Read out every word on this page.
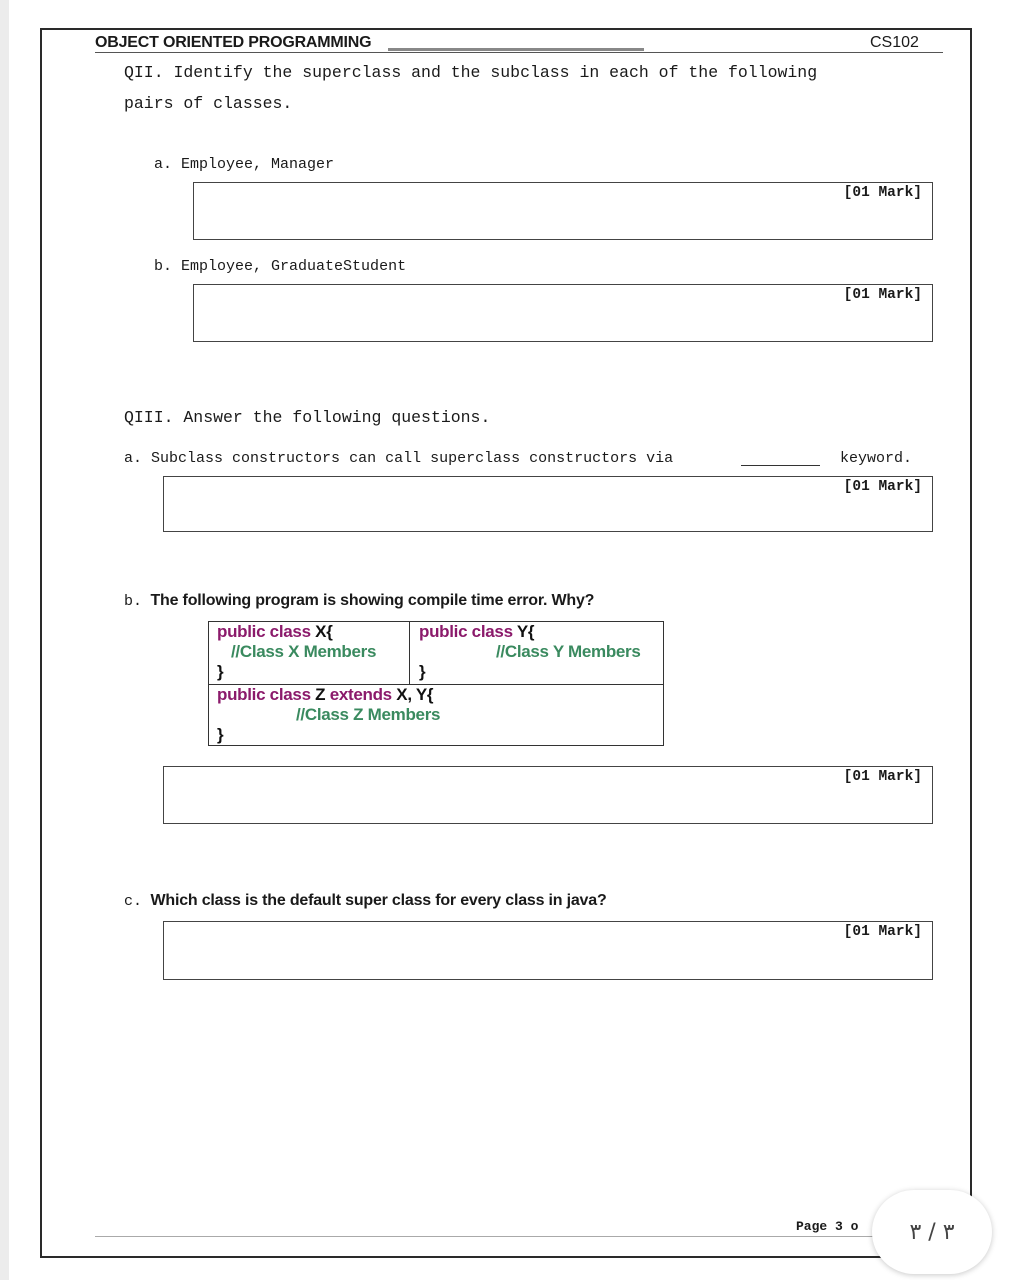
OBJECT ORIENTED PROGRAMMING	CS102
QII. Identify the superclass and the subclass in each of the following
pairs of classes.
a. Employee, Manager
[01 Mark]
b. Employee, GraduateStudent
[01 Mark]
QIII. Answer the following questions.
a. Subclass constructors can call superclass constructors via	keyword.
[01 Mark]
b. The following program is showing compile time error. Why?
public class X{
//Class X Members
}
public class Y{
//Class Y Members
}
public class Z extends X, Y{
//Class Z Members
}
[01 Mark]
c. Which class is the default super class for every class in java?
[01 Mark]
Page 3 o ٣ / ٣
